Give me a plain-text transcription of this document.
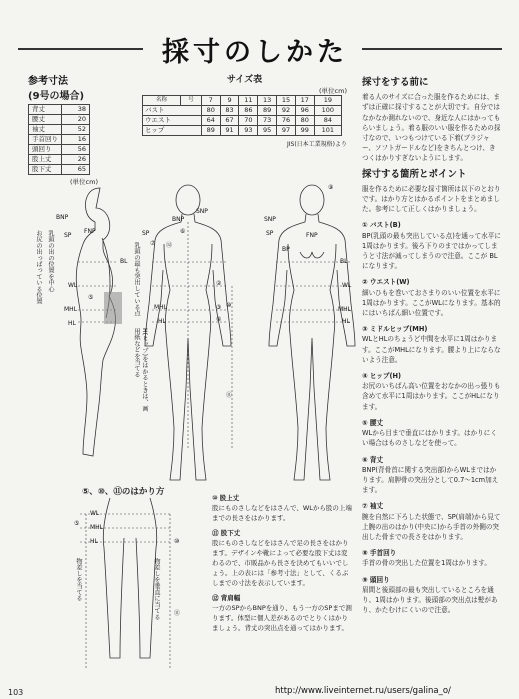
採寸のしかた
参考寸法
(9号の場合)
背丈	38
腰丈	20
袖丈	52
手首回り	16
頭回り	56
股上丈	26
股下丈	65
(単位cm)
サイズ表
(単位cm)
名称	号	7	9	11	13	15	17	19
バスト		80	83	86	89	92	96	100
ウエスト		64	67	70	73	76	80	84
ヒップ		89	91	93	95	97	99	101
JIS(日本工業規格)より
BNP
SP
FNP
BL
WL
MHL
HL
⑤
乳頭の出の位置を中心
お尻の出っぱっている位置	乳頭の最も突出している点
H(ヒップ)をはかるときは、画用紙などを当てる
SNP
BNP
SP	⑥
⑦ ⑫
③
④
②
MHL
HL
⑩
⑪
SNP
SP	FNP
BP
BL
WL
MHL
HL
⑨
⑤、⑩、⑪のはかり方
WL
MHL
HL
⑤
⑩
⑪
物差しを当てる	物差しを垂直に当てる
⑩ 股上丈

股にものさしなどをはさんで、WLから股の上端までの長さをはかります。

⑪ 股下丈

股にものさしなどをはさんで足の長さをはかります。デザインや靴によって必要な股下丈は変わるので、市販品から長さを決めてもいいでしょう。上の表には「参考寸法」として、くるぶしまでの寸法を表示しています。

⑫ 背肩幅

一方のSPからBNPを通り、もう一方のSPまで測ります。体型に個人差があるのでとりくはかりましょう。背丈の突出点を通ってはかります。

採寸をする前に

着る人のサイズに合った服を作るためには、まずは正確に採寸することが大切です。自分ではなかなか測れないので、身近な人にはかってもらいましょう。着る服のいい服を作るための採寸なので、いつもつけている下着(ブラジャー、ソフトガードルなど)をきちんとつけ、きつくはかりすぎないようにします。

採寸する箇所とポイント

服を作るために必要な採寸箇所は以下のとおりです。はかり方とはかるポイントをまとめました。参考にして正しくはかりましょう。

① バスト(B)

BP(乳頭の最も突出している点)を通って水平に1周はかります。後ろ下りのまではかってしまうと寸法が減ってしまうので注意。ここが BLになります。

② ウエスト(W)

細いひもを巻いておさまりのいい位置を水平に1周はかります。ここがWLになります。基本的にはいちばん細い位置です。

③ ミドルヒップ(MH)

WLとHLのちょうど中間を水平に1周はかります。ここがMHLになります。腰より上にならないよう注意。

④ ヒップ(H)

お尻のいちばん高い位置をおなかの出っ張りも含めて水平に1周はかります。ここがHLになります。

⑤ 腰丈

WLから目まで垂直にはかります。はかりにくい場合はものさしなどを使って。

⑥ 背丈

BNP(背骨首に関する突出部)からWLまではかります。肩胛骨の突出分として0.7〜1cm加えます。

⑦ 袖丈

腕を自然に下ろした状態で、SP(肩端)から見て上腕の出のはかり(中央に)から手首の外側の突出した骨までの長さをはかります。

⑧ 手首回り

手首の骨の突出した位置を1周はかります。

⑨ 頭回り

眉間と後頭部の最も突出しているところを通り、1周はかります。後頭部の突出点は髪があり、かたむけにくいので注意。

103	http://www.liveinternet.ru/users/galina_o/
